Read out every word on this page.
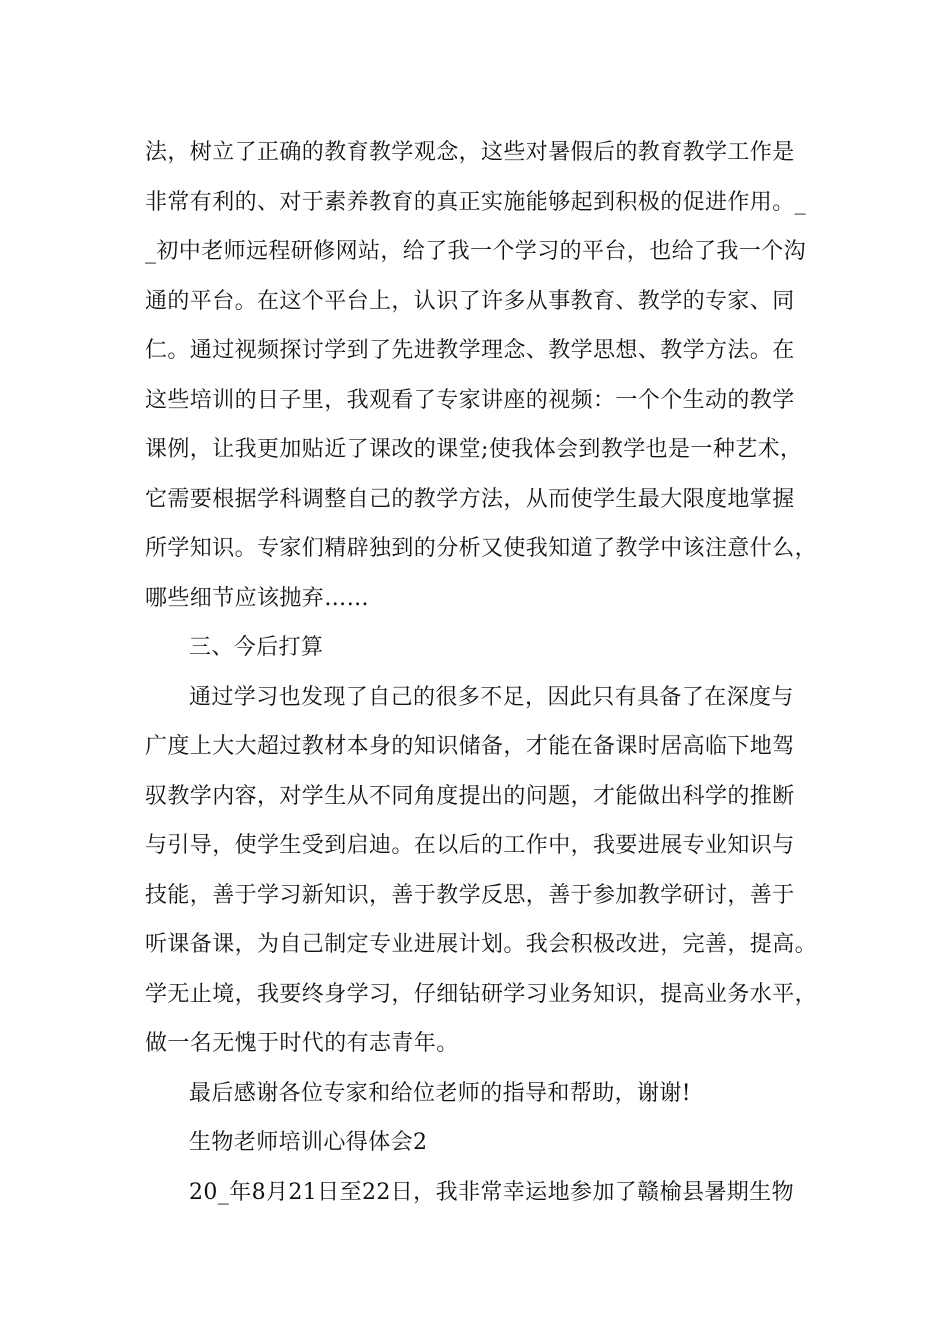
法，树立了正确的教育教学观念，这些对暑假后的教育教学工作是
非常有利的、对于素养教育的真正实施能够起到积极的促进作用。_
_初中老师远程研修网站，给了我一个学习的平台，也给了我一个沟
通的平台。在这个平台上，认识了许多从事教育、教学的专家、同
仁。通过视频探讨学到了先进教学理念、教学思想、教学方法。在
这些培训的日子里，我观看了专家讲座的视频：一个个生动的教学
课例，让我更加贴近了课改的课堂;使我体会到教学也是一种艺术，
它需要根据学科调整自己的教学方法，从而使学生最大限度地掌握
所学知识。专家们精辟独到的分析又使我知道了教学中该注意什么，
哪些细节应该抛弃……
三、今后打算
通过学习也发现了自己的很多不足，因此只有具备了在深度与
广度上大大超过教材本身的知识储备，才能在备课时居高临下地驾
驭教学内容，对学生从不同角度提出的问题，才能做出科学的推断
与引导，使学生受到启迪。在以后的工作中，我要进展专业知识与
技能，善于学习新知识，善于教学反思，善于参加教学研讨，善于
听课备课，为自己制定专业进展计划。我会积极改进，完善，提高。
学无止境，我要终身学习，仔细钻研学习业务知识，提高业务水平，
做一名无愧于时代的有志青年。
最后感谢各位专家和给位老师的指导和帮助，谢谢!
生物老师培训心得体会2
20_年8月21日至22日，我非常幸运地参加了赣榆县暑期生物
